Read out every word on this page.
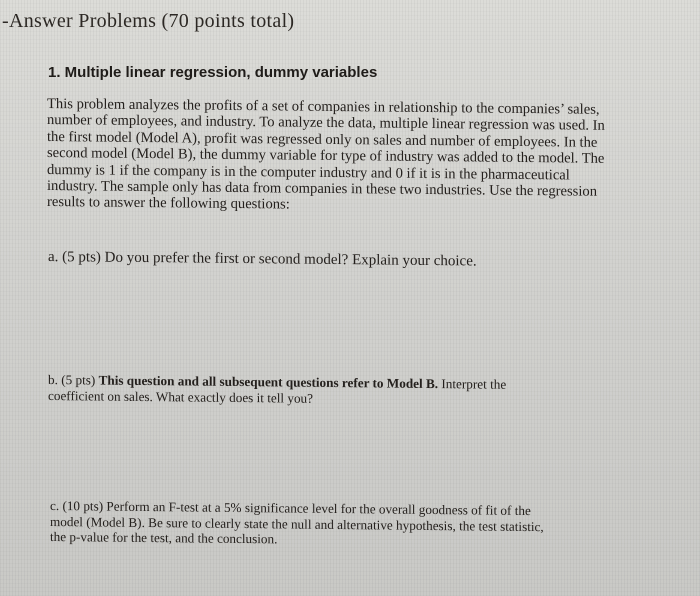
-Answer Problems (70 points total)
1. Multiple linear regression, dummy variables
This problem analyzes the profits of a set of companies in relationship to the companies’ sales,
number of employees, and industry. To analyze the data, multiple linear regression was used. In
the first model (Model A), profit was regressed only on sales and number of employees. In the
second model (Model B), the dummy variable for type of industry was added to the model. The
dummy is 1 if the company is in the computer industry and 0 if it is in the pharmaceutical
industry. The sample only has data from companies in these two industries. Use the regression
results to answer the following questions:
a. (5 pts) Do you prefer the first or second model? Explain your choice.
b. (5 pts) This question and all subsequent questions refer to Model B. Interpret the
coefficient on sales. What exactly does it tell you?
c. (10 pts) Perform an F-test at a 5% significance level for the overall goodness of fit of the
model (Model B). Be sure to clearly state the null and alternative hypothesis, the test statistic,
the p-value for the test, and the conclusion.
